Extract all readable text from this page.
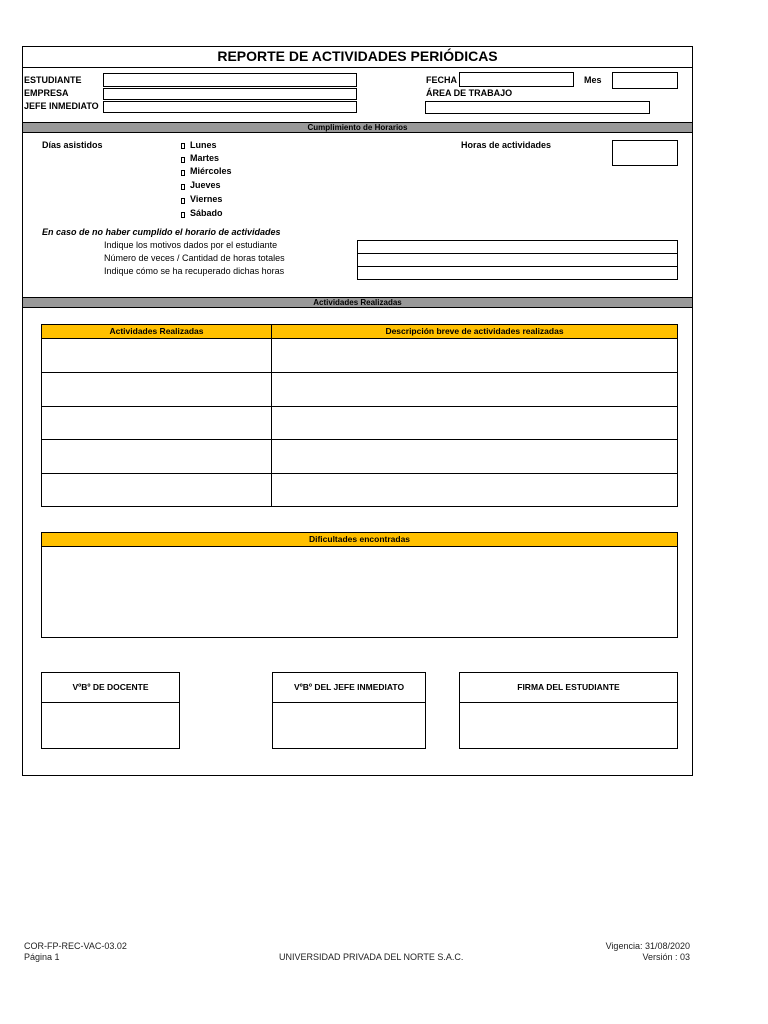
REPORTE DE ACTIVIDADES PERIÓDICAS
ESTUDIANTE
EMPRESA
JEFE INMEDIATO
FECHA	Mes
ÁREA DE TRABAJO
Cumplimiento de Horarios
Días asistidos	Lunes
Martes
Miércoles
Jueves
Viernes
Sábado
Horas de actividades
En caso de no haber cumplido el horario de actividades
Indique los motivos dados por el estudiante
Número de veces / Cantidad de horas totales
Indique cómo se ha recuperado dichas horas
Actividades Realizadas
Actividades Realizadas	Descripción breve de actividades realizadas
Dificultades encontradas
VºBº DE DOCENTE	VºBº DEL JEFE INMEDIATO	FIRMA DEL ESTUDIANTE
COR-FP-REC-VAC-03.02
Página 1	UNIVERSIDAD PRIVADA DEL NORTE S.A.C.
Vigencia: 31/08/2020
Versión : 03
